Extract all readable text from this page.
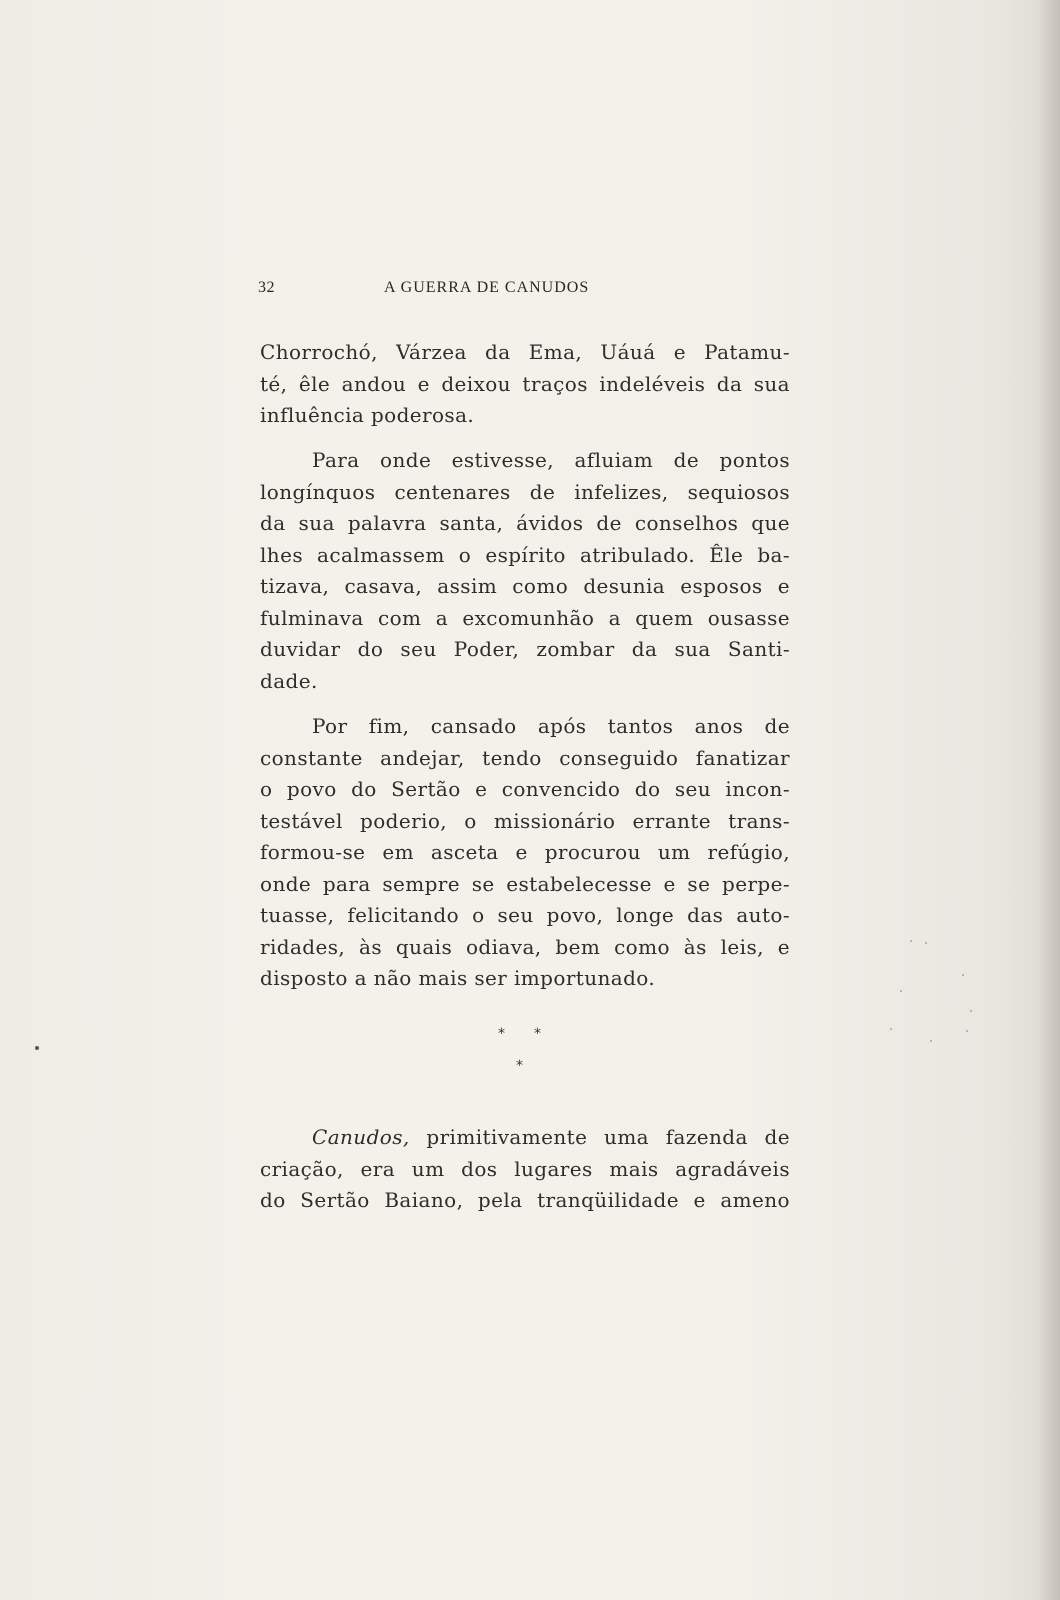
32	A GUERRA DE CANUDOS
Chorrochó, Várzea da Ema, Uáuá e Patamu-
té, êle andou e deixou traços indeléveis da sua
influência poderosa.
Para onde estivesse, afluiam de pontos
longínquos centenares de infelizes, sequiosos
da sua palavra santa, ávidos de conselhos que
lhes acalmassem o espírito atribulado. Êle ba-
tizava, casava, assim como desunia esposos e
fulminava com a excomunhão a quem ousasse
duvidar do seu Poder, zombar da sua Santi-
dade.
Por fim, cansado após tantos anos de
constante andejar, tendo conseguido fanatizar
o povo do Sertão e convencido do seu incon-
testável poderio, o missionário errante trans-
formou-se em asceta e procurou um refúgio,
onde para sempre se estabelecesse e se perpe-
tuasse, felicitando o seu povo, longe das auto-
ridades, às quais odiava, bem como às leis, e
disposto a não mais ser importunado.
* *
*
Canudos, primitivamente uma fazenda de
criação, era um dos lugares mais agradáveis
do Sertão Baiano, pela tranqüilidade e ameno
